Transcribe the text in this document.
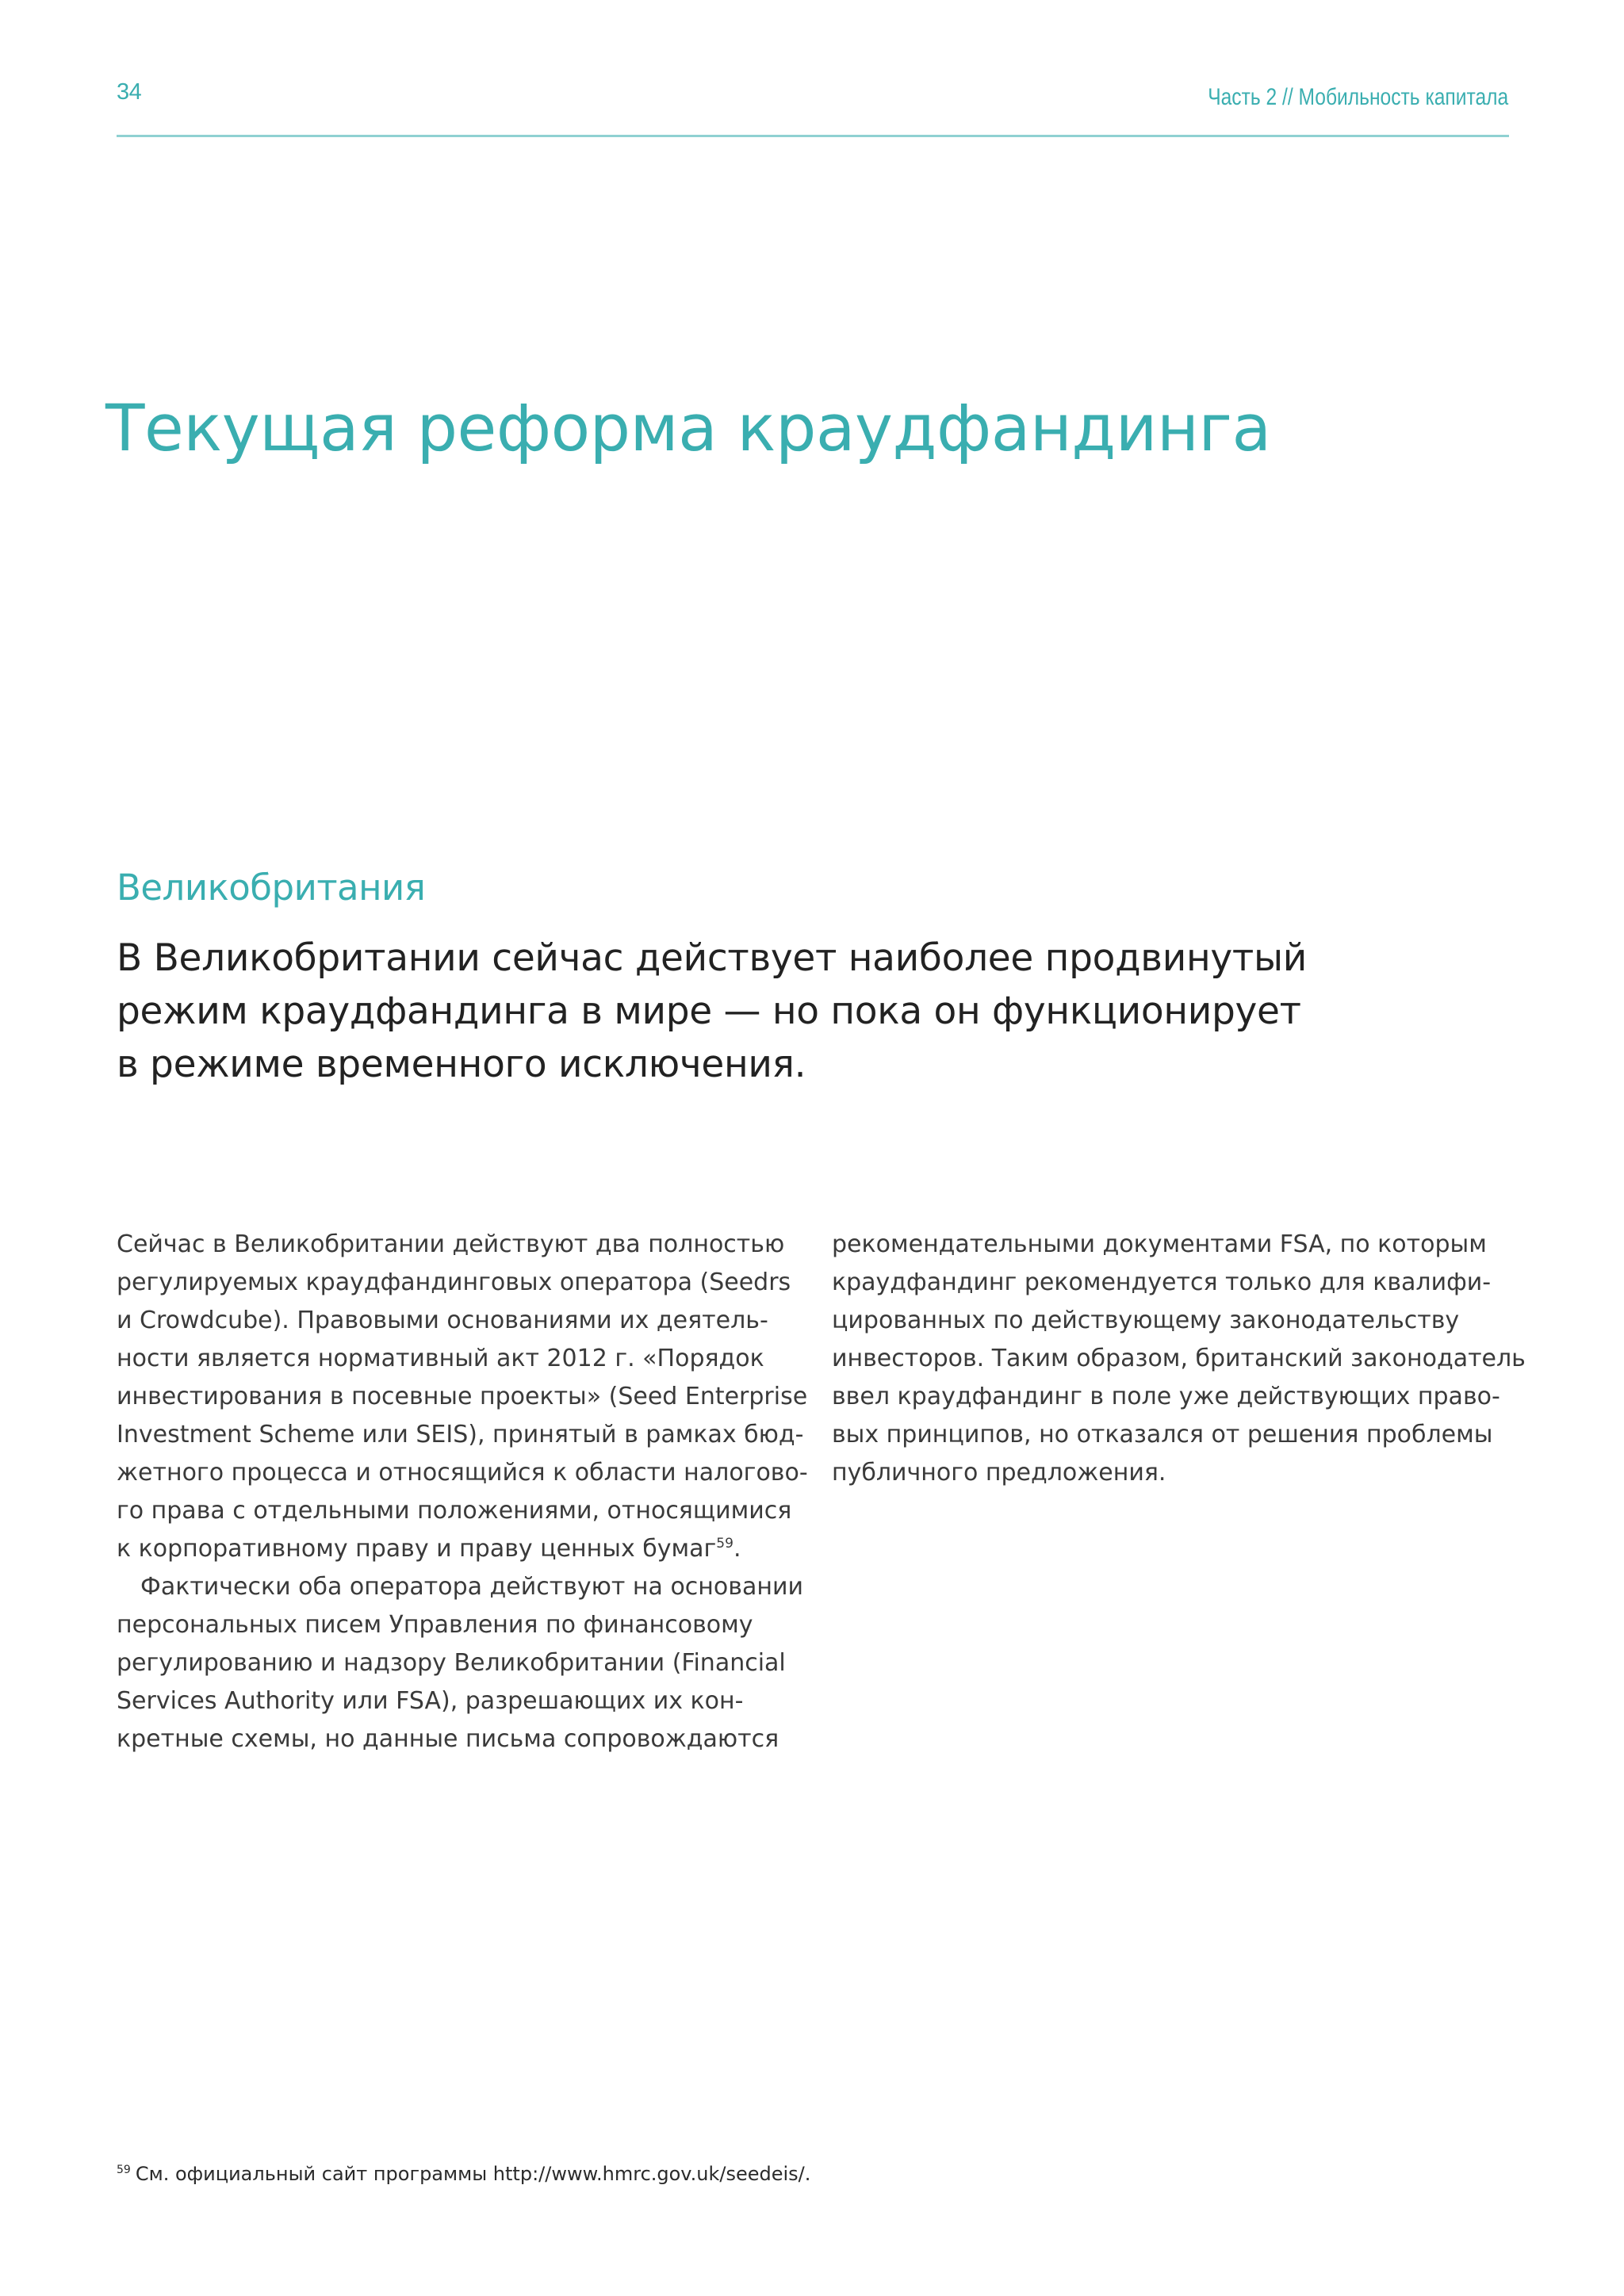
34	Часть 2 // Мобильность капитала
Текущая реформа краудфандинга
Великобритания

В Великобритании сейчас действует наиболее продвинутый
режим краудфандинга в мире — но пока он функционирует
в режиме временного исключения.

Сейчас в Великобритании действуют два полностью
регулируемых краудфандинговых оператора (Seedrs
и Crowdcube). Правовыми основаниями их деятель-
ности является нормативный акт 2012 г. «Порядок
инвестирования в посевные проекты» (Seed Enterprise
Investment Scheme или SEIS), принятый в рамках бюд-
жетного процесса и относящийся к области налогово-
го права с отдельными положениями, относящимися
к корпоративному праву и праву ценных бумаг$^{59}$.
Фактически оба оператора действуют на основании
персональных писем Управления по финансовому
регулированию и надзору Великобритании (Financial
Services Authority или FSA), разрешающих их кон-
кретные схемы, но данные письма сопровождаются
рекомендательными документами FSA, по которым
краудфандинг рекомендуется только для квалифи-
цированных по действующему законодательству
инвесторов. Таким образом, британский законодатель
ввел краудфандинг в поле уже действующих право-
вых принципов, но отказался от решения проблемы
публичного предложения.

$^{59}$ См. официальный сайт программы http://www.hmrc.gov.uk/seedeis/.
